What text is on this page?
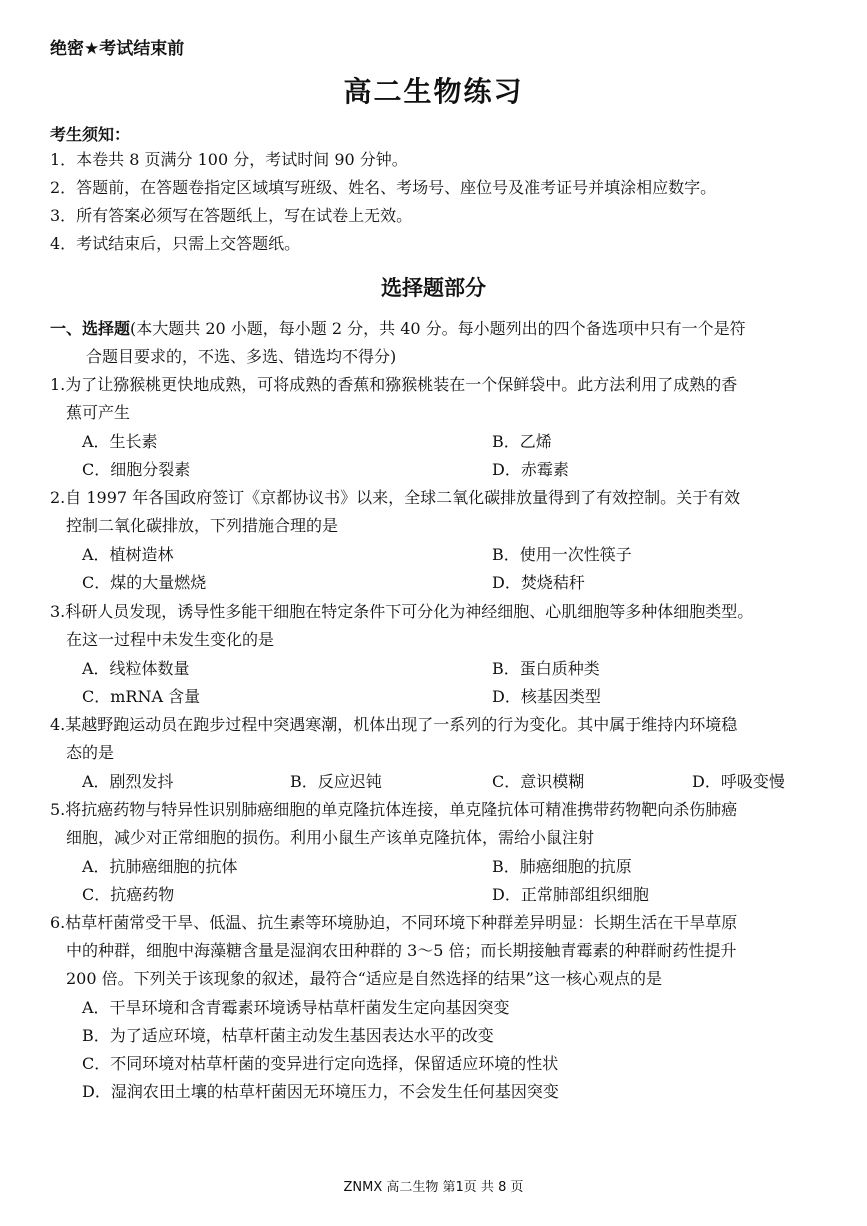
绝密★考试结束前
高二生物练习
考生须知：
1．本卷共 8 页满分 100 分，考试时间 90 分钟。
2．答题前，在答题卷指定区域填写班级、姓名、考场号、座位号及准考证号并填涂相应数字。
3．所有答案必须写在答题纸上，写在试卷上无效。
4．考试结束后，只需上交答题纸。
选择题部分
一、选择题(本大题共 20 小题，每小题 2 分，共 40 分。每小题列出的四个备选项中只有一个是符
合题目要求的，不选、多选、错选均不得分)
1.为了让猕猴桃更快地成熟，可将成熟的香蕉和猕猴桃装在一个保鲜袋中。此方法利用了成熟的香
蕉可产生
A．生长素	B．乙烯
C．细胞分裂素	D．赤霉素
2.自 1997 年各国政府签订《京都协议书》以来，全球二氧化碳排放量得到了有效控制。关于有效
控制二氧化碳排放，下列措施合理的是
A．植树造林	B．使用一次性筷子
C．煤的大量燃烧	D．焚烧秸秆
3.科研人员发现，诱导性多能干细胞在特定条件下可分化为神经细胞、心肌细胞等多种体细胞类型。
在这一过程中未发生变化的是
A．线粒体数量	B．蛋白质种类
C．mRNA 含量	D．核基因类型
4.某越野跑运动员在跑步过程中突遇寒潮，机体出现了一系列的行为变化。其中属于维持内环境稳
态的是
A．剧烈发抖	B．反应迟钝	C．意识模糊	D．呼吸变慢
5.将抗癌药物与特异性识别肺癌细胞的单克隆抗体连接，单克隆抗体可精准携带药物靶向杀伤肺癌
细胞，减少对正常细胞的损伤。利用小鼠生产该单克隆抗体，需给小鼠注射
A．抗肺癌细胞的抗体	B．肺癌细胞的抗原
C．抗癌药物	D．正常肺部组织细胞
6.枯草杆菌常受干旱、低温、抗生素等环境胁迫，不同环境下种群差异明显：长期生活在干旱草原
中的种群，细胞中海藻糖含量是湿润农田种群的 3～5 倍；而长期接触青霉素的种群耐药性提升
200 倍。下列关于该现象的叙述，最符合“适应是自然选择的结果”这一核心观点的是
A．干旱环境和含青霉素环境诱导枯草杆菌发生定向基因突变
B．为了适应环境，枯草杆菌主动发生基因表达水平的改变
C．不同环境对枯草杆菌的变异进行定向选择，保留适应环境的性状
D．湿润农田土壤的枯草杆菌因无环境压力，不会发生任何基因突变
ZNMX 高二生物 第1页 共 8 页
